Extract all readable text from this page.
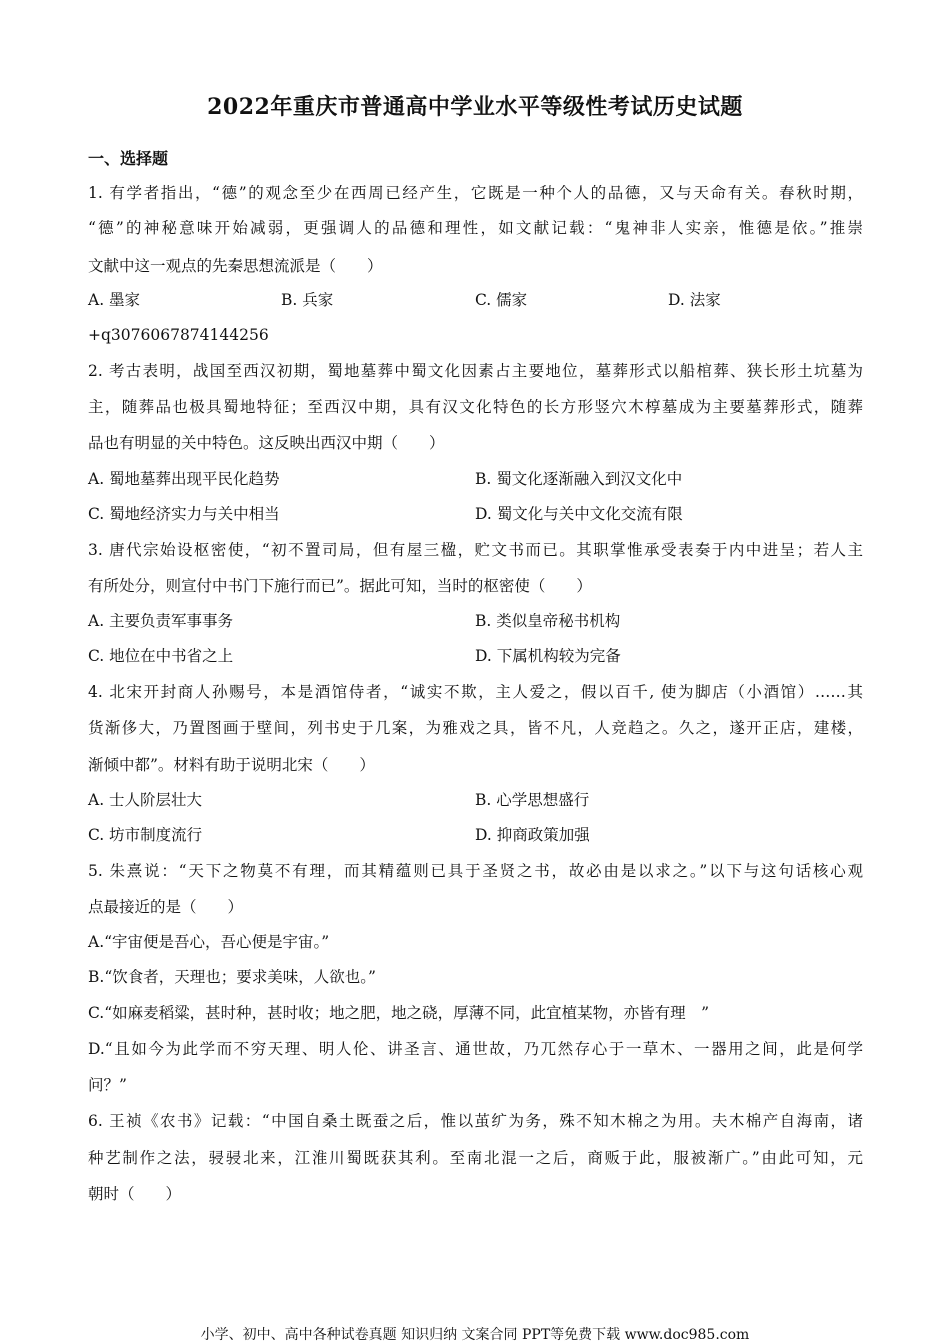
2022年重庆市普通高中学业水平等级性考试历史试题
一、选择题
1. 有学者指出，“德”的观念至少在西周已经产生，它既是一种个人的品德，又与天命有关。春秋时期，
“德”的神秘意味开始减弱，更强调人的品德和理性，如文献记载：“鬼神非人实亲，惟德是依。”推崇
文献中这一观点的先秦思想流派是（　　）
A. 墨家	B. 兵家	C. 儒家	D. 法家
+q3076067874144256
2. 考古表明，战国至西汉初期，蜀地墓葬中蜀文化因素占主要地位，墓葬形式以船棺葬、狭长形土坑墓为
主，随葬品也极具蜀地特征；至西汉中期，具有汉文化特色的长方形竖穴木椁墓成为主要墓葬形式，随葬
品也有明显的关中特色。这反映出西汉中期（　　）
A. 蜀地墓葬出现平民化趋势	B. 蜀文化逐渐融入到汉文化中
C. 蜀地经济实力与关中相当	D. 蜀文化与关中文化交流有限
3. 唐代宗始设枢密使，“初不置司局，但有屋三楹，贮文书而已。其职掌惟承受表奏于内中进呈；若人主
有所处分，则宣付中书门下施行而已”。据此可知，当时的枢密使（　　）
A. 主要负责军事事务	B. 类似皇帝秘书机构
C. 地位在中书省之上	D. 下属机构较为完备
4. 北宋开封商人孙赐号，本是酒馆侍者，“诚实不欺，主人爱之，假以百千, 使为脚店（小酒馆）……其
货渐侈大，乃置图画于壁间，列书史于几案，为雅戏之具，皆不凡，人竞趋之。久之，遂开正店，建楼，
渐倾中都”。材料有助于说明北宋（　　）
A. 士人阶层壮大	B. 心学思想盛行
C. 坊市制度流行	D. 抑商政策加强
5. 朱熹说：“天下之物莫不有理，而其精蕴则已具于圣贤之书，故必由是以求之。”以下与这句话核心观
点最接近的是（　　）
A.“宇宙便是吾心，吾心便是宇宙。”
B.“饮食者，天理也；要求美味，人欲也。”
C.“如麻麦稻粱，甚时种，甚时收；地之肥，地之硗，厚薄不同，此宜植某物，亦皆有理　”
D.“且如今为此学而不穷天理、明人伦、讲圣言、通世故，乃兀然存心于一草木、一器用之间，此是何学
问？”
6. 王祯《农书》记载：“中国自桑土既蚕之后，惟以茧纩为务，殊不知木棉之为用。夫木棉产自海南，诸
种艺制作之法，骎骎北来，江淮川蜀既获其利。至南北混一之后，商贩于此，服被渐广。”由此可知，元
朝时（　　）
小学、初中、高中各种试卷真题 知识归纳 文案合同 PPT等免费下载 www.doc985.com
